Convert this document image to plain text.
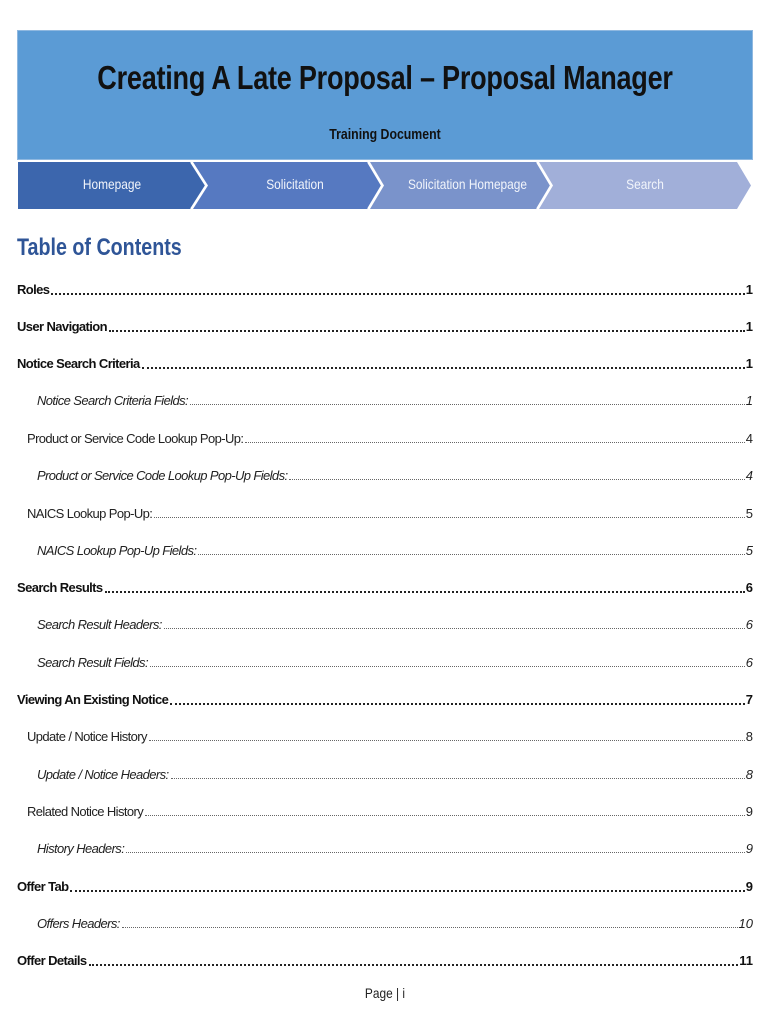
Creating A Late Proposal – Proposal Manager
Training Document
Homepage	Solicitation	Solicitation Homepage	Search
Table of Contents
Roles	1
User Navigation	1
Notice Search Criteria	1
Notice Search Criteria Fields:	1
Product or Service Code Lookup Pop-Up:	4
Product or Service Code Lookup Pop-Up Fields:	4
NAICS Lookup Pop-Up:	5
NAICS Lookup Pop-Up Fields:	5
Search Results	6
Search Result Headers:	6
Search Result Fields:	6
Viewing An Existing Notice	7
Update / Notice History	8
Update / Notice Headers:	8
Related Notice History	9
History Headers:	9
Offer Tab	9
Offers Headers:	10
Offer Details	11
Page | i
